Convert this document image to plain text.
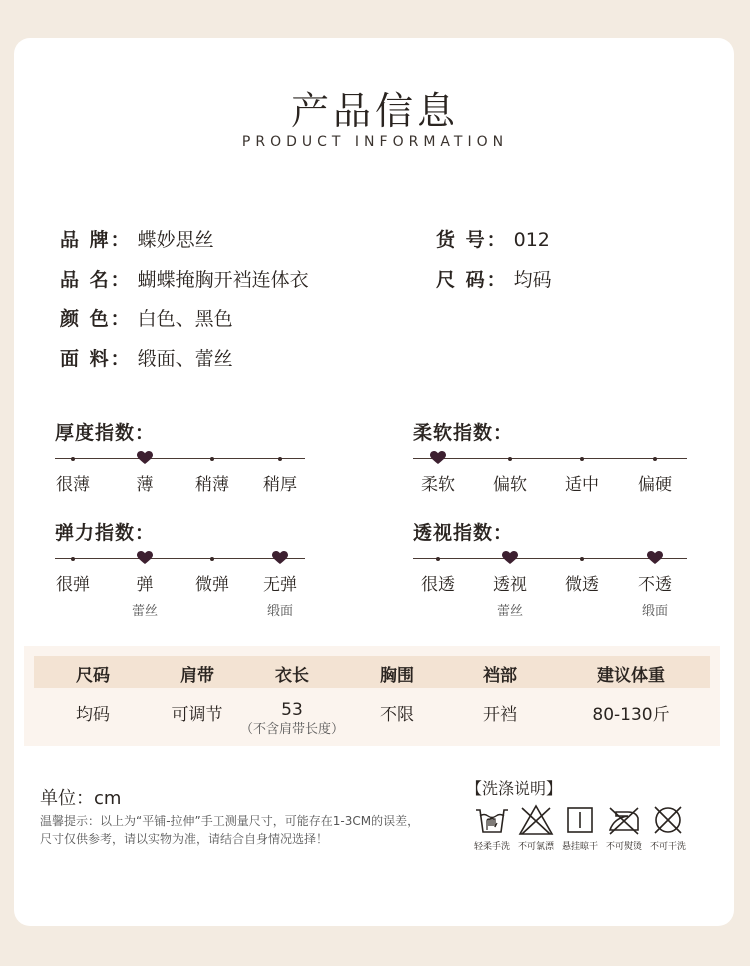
产品信息
PRODUCT INFORMATION
品 牌： 蝶妙思丝
品 名： 蝴蝶掩胸开裆连体衣
颜 色： 白色、黑色
面 料： 缎面、蕾丝
货 号： 012
尺 码： 均码
厚度指数：
很薄	薄	稍薄	稍厚
柔软指数：
柔软	偏软	适中	偏硬
弹力指数：
很弹	弹
蕾丝
微弹	无弹
缎面
透视指数：
很透	透视
蕾丝
微透	不透
缎面
尺码	肩带	衣长	胸围	裆部	建议体重
均码	可调节	53	不限	开裆	80-130斤
（不含肩带长度）
单位：cm
温馨提示：以上为“平铺-拉伸”手工测量尺寸，可能存在1-3CM的误差，
尺寸仅供参考，请以实物为准，请结合自身情况选择！
【洗涤说明】
轻柔手洗 不可氯漂 悬挂晾干 不可熨烫 不可干洗
